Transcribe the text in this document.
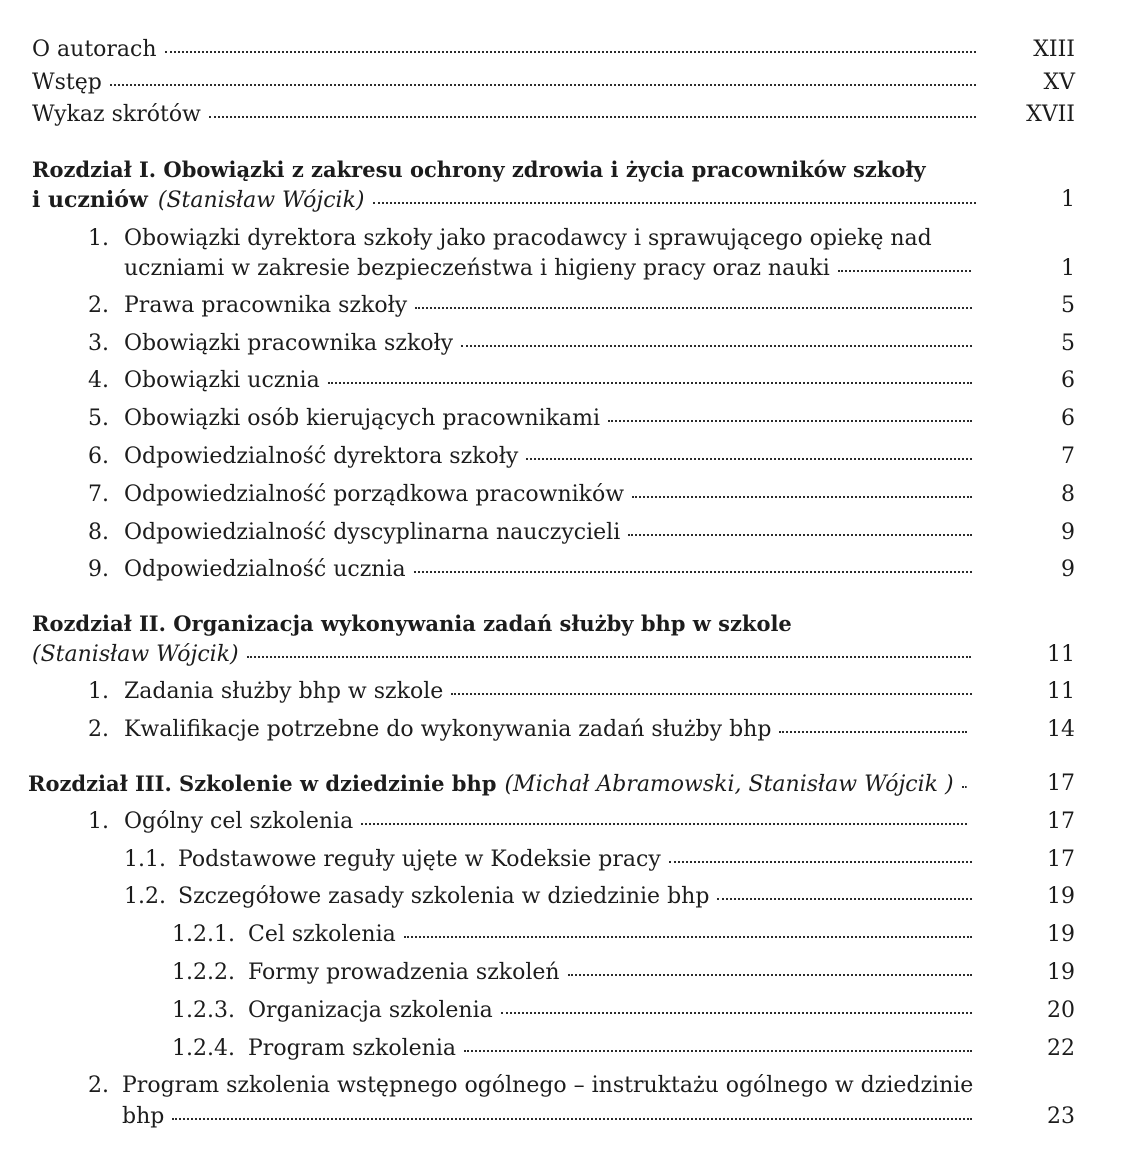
O autorach	XIII
Wstęp	XV
Wykaz skrótów	XVII
Rozdział I. Obowiązki z zakresu ochrony zdrowia i życia pracowników szkoły
i uczniów (Stanisław Wójcik)	1
1. Obowiązki dyrektora szkoły jako pracodawcy i sprawującego opiekę nad
uczniami w zakresie bezpieczeństwa i higieny pracy oraz nauki	1
2. Prawa pracownika szkoły	5
3. Obowiązki pracownika szkoły	5
4. Obowiązki ucznia	6
5. Obowiązki osób kierujących pracownikami	6
6. Odpowiedzialność dyrektora szkoły	7
7. Odpowiedzialność porządkowa pracowników	8
8. Odpowiedzialność dyscyplinarna nauczycieli	9
9. Odpowiedzialność ucznia	9
Rozdział II. Organizacja wykonywania zadań służby bhp w szkole
(Stanisław Wójcik)	11
1. Zadania służby bhp w szkole	11
2. Kwalifikacje potrzebne do wykonywania zadań służby bhp	14
Rozdział III. Szkolenie w dziedzinie bhp (Michał Abramowski, Stanisław Wójcik )	17
1. Ogólny cel szkolenia	17
1.1. Podstawowe reguły ujęte w Kodeksie pracy	17
1.2. Szczegółowe zasady szkolenia w dziedzinie bhp	19
1.2.1. Cel szkolenia	19
1.2.2. Formy prowadzenia szkoleń	19
1.2.3. Organizacja szkolenia	20
1.2.4. Program szkolenia	22
2. Program szkolenia wstępnego ogólnego – instruktażu ogólnego w dziedzinie
bhp	23
